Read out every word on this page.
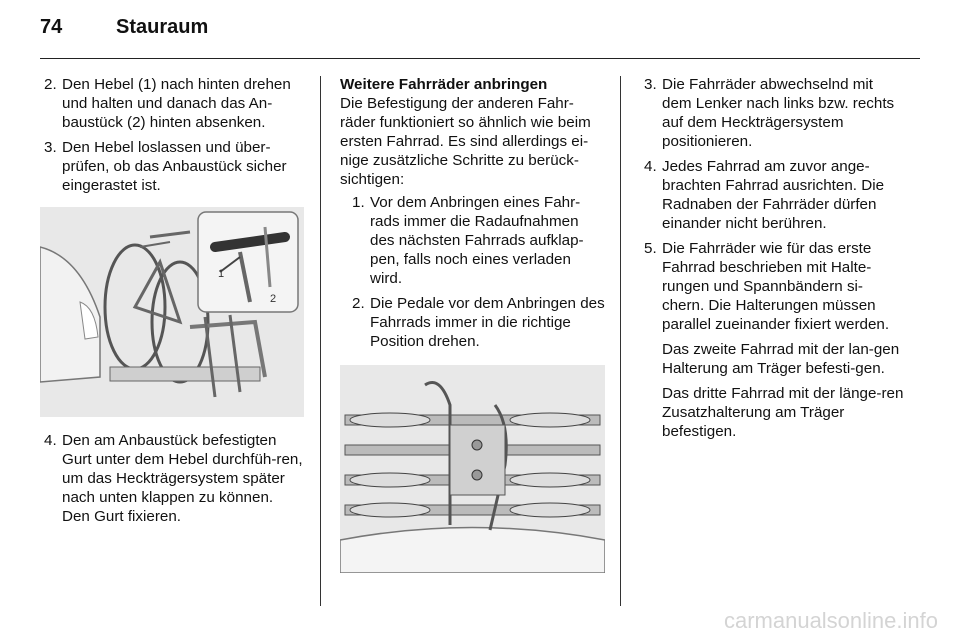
74	Stauraum
2. Den Hebel (1) nach hinten drehen und halten und danach das An-baustück (2) hinten absenken.
3. Den Hebel loslassen und über-prüfen, ob das Anbaustück sicher eingerastet ist.
1
2
4. Den am Anbaustück befestigten Gurt unter dem Hebel durchfüh-ren, um das Heckträgersystem später nach unten klappen zu können. Den Gurt fixieren.
Weitere Fahrräder anbringen
Die Befestigung der anderen Fahr-räder funktioniert so ähnlich wie beim ersten Fahrrad. Es sind allerdings ei-nige zusätzliche Schritte zu berück-sichtigen:
1. Vor dem Anbringen eines Fahr-rads immer die Radaufnahmen des nächsten Fahrrads aufklap-pen, falls noch eines verladen wird.
2. Die Pedale vor dem Anbringen des Fahrrads immer in die richtige Position drehen.
3. Die Fahrräder abwechselnd mit dem Lenker nach links bzw. rechts auf dem Heckträgersystem positionieren.
4. Jedes Fahrrad am zuvor ange-brachten Fahrrad ausrichten. Die Radnaben der Fahrräder dürfen einander nicht berühren.
5. Die Fahrräder wie für das erste Fahrrad beschrieben mit Halte-rungen und Spannbändern si-chern. Die Halterungen müssen parallel zueinander fixiert werden.
Das zweite Fahrrad mit der lan-gen Halterung am Träger befesti-gen.
Das dritte Fahrrad mit der länge-ren Zusatzhalterung am Träger befestigen.
carmanualsonline.info
